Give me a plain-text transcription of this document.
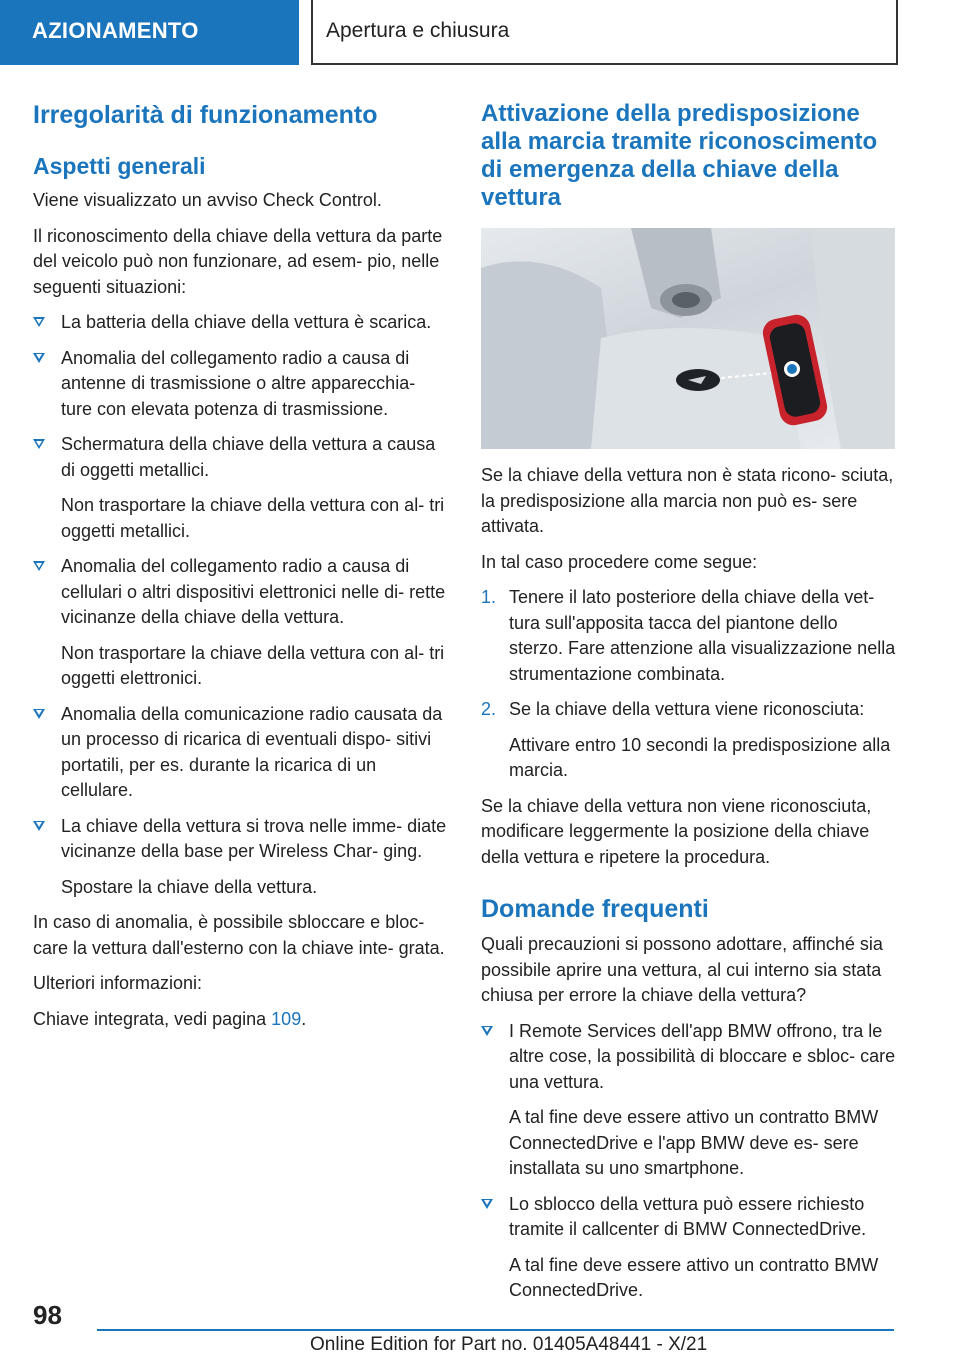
AZIONAMENTO	Apertura e chiusura
Irregolarità di funzionamento
Aspetti generali

Viene visualizzato un avviso Check Control.

Il riconoscimento della chiave della vettura da parte del veicolo può non funzionare, ad esem‐ pio, nelle seguenti situazioni:

La batteria della chiave della vettura è scarica.

Anomalia del collegamento radio a causa di antenne di trasmissione o altre apparecchia‐ ture con elevata potenza di trasmissione.

Schermatura della chiave della vettura a causa di oggetti metallici.

Non trasportare la chiave della vettura con al‐ tri oggetti metallici.

Anomalia del collegamento radio a causa di cellulari o altri dispositivi elettronici nelle di‐ rette vicinanze della chiave della vettura.

Non trasportare la chiave della vettura con al‐ tri oggetti elettronici.

Anomalia della comunicazione radio causata da un processo di ricarica di eventuali dispo‐ sitivi portatili, per es. durante la ricarica di un cellulare.

La chiave della vettura si trova nelle imme‐ diate vicinanze della base per Wireless Char‐ ging.

Spostare la chiave della vettura.

In caso di anomalia, è possibile sbloccare e bloc‐ care la vettura dall'esterno con la chiave inte‐ grata.

Ulteriori informazioni:

Chiave integrata, vedi pagina 109.

Attivazione della predisposizione alla marcia tramite riconoscimento di emergenza della chiave della vettura

Se la chiave della vettura non è stata ricono‐ sciuta, la predisposizione alla marcia non può es‐ sere attivata.

In tal caso procedere come segue:

1. Tenere il lato posteriore della chiave della vet‐ tura sull'apposita tacca del piantone dello sterzo. Fare attenzione alla visualizzazione nella strumentazione combinata.

2. Se la chiave della vettura viene riconosciuta:

Attivare entro 10 secondi la predisposizione alla marcia.

Se la chiave della vettura non viene riconosciuta, modificare leggermente la posizione della chiave della vettura e ripetere la procedura.

Domande frequenti

Quali precauzioni si possono adottare, affinché sia possibile aprire una vettura, al cui interno sia stata chiusa per errore la chiave della vettura?

I Remote Services dell'app BMW offrono, tra le altre cose, la possibilità di bloccare e sbloc‐ care una vettura.

A tal fine deve essere attivo un contratto BMW ConnectedDrive e l'app BMW deve es‐ sere installata su uno smartphone.

Lo sblocco della vettura può essere richiesto tramite il callcenter di BMW ConnectedDrive.

A tal fine deve essere attivo un contratto BMW ConnectedDrive.

98
Online Edition for Part no. 01405A48441 - X/21
